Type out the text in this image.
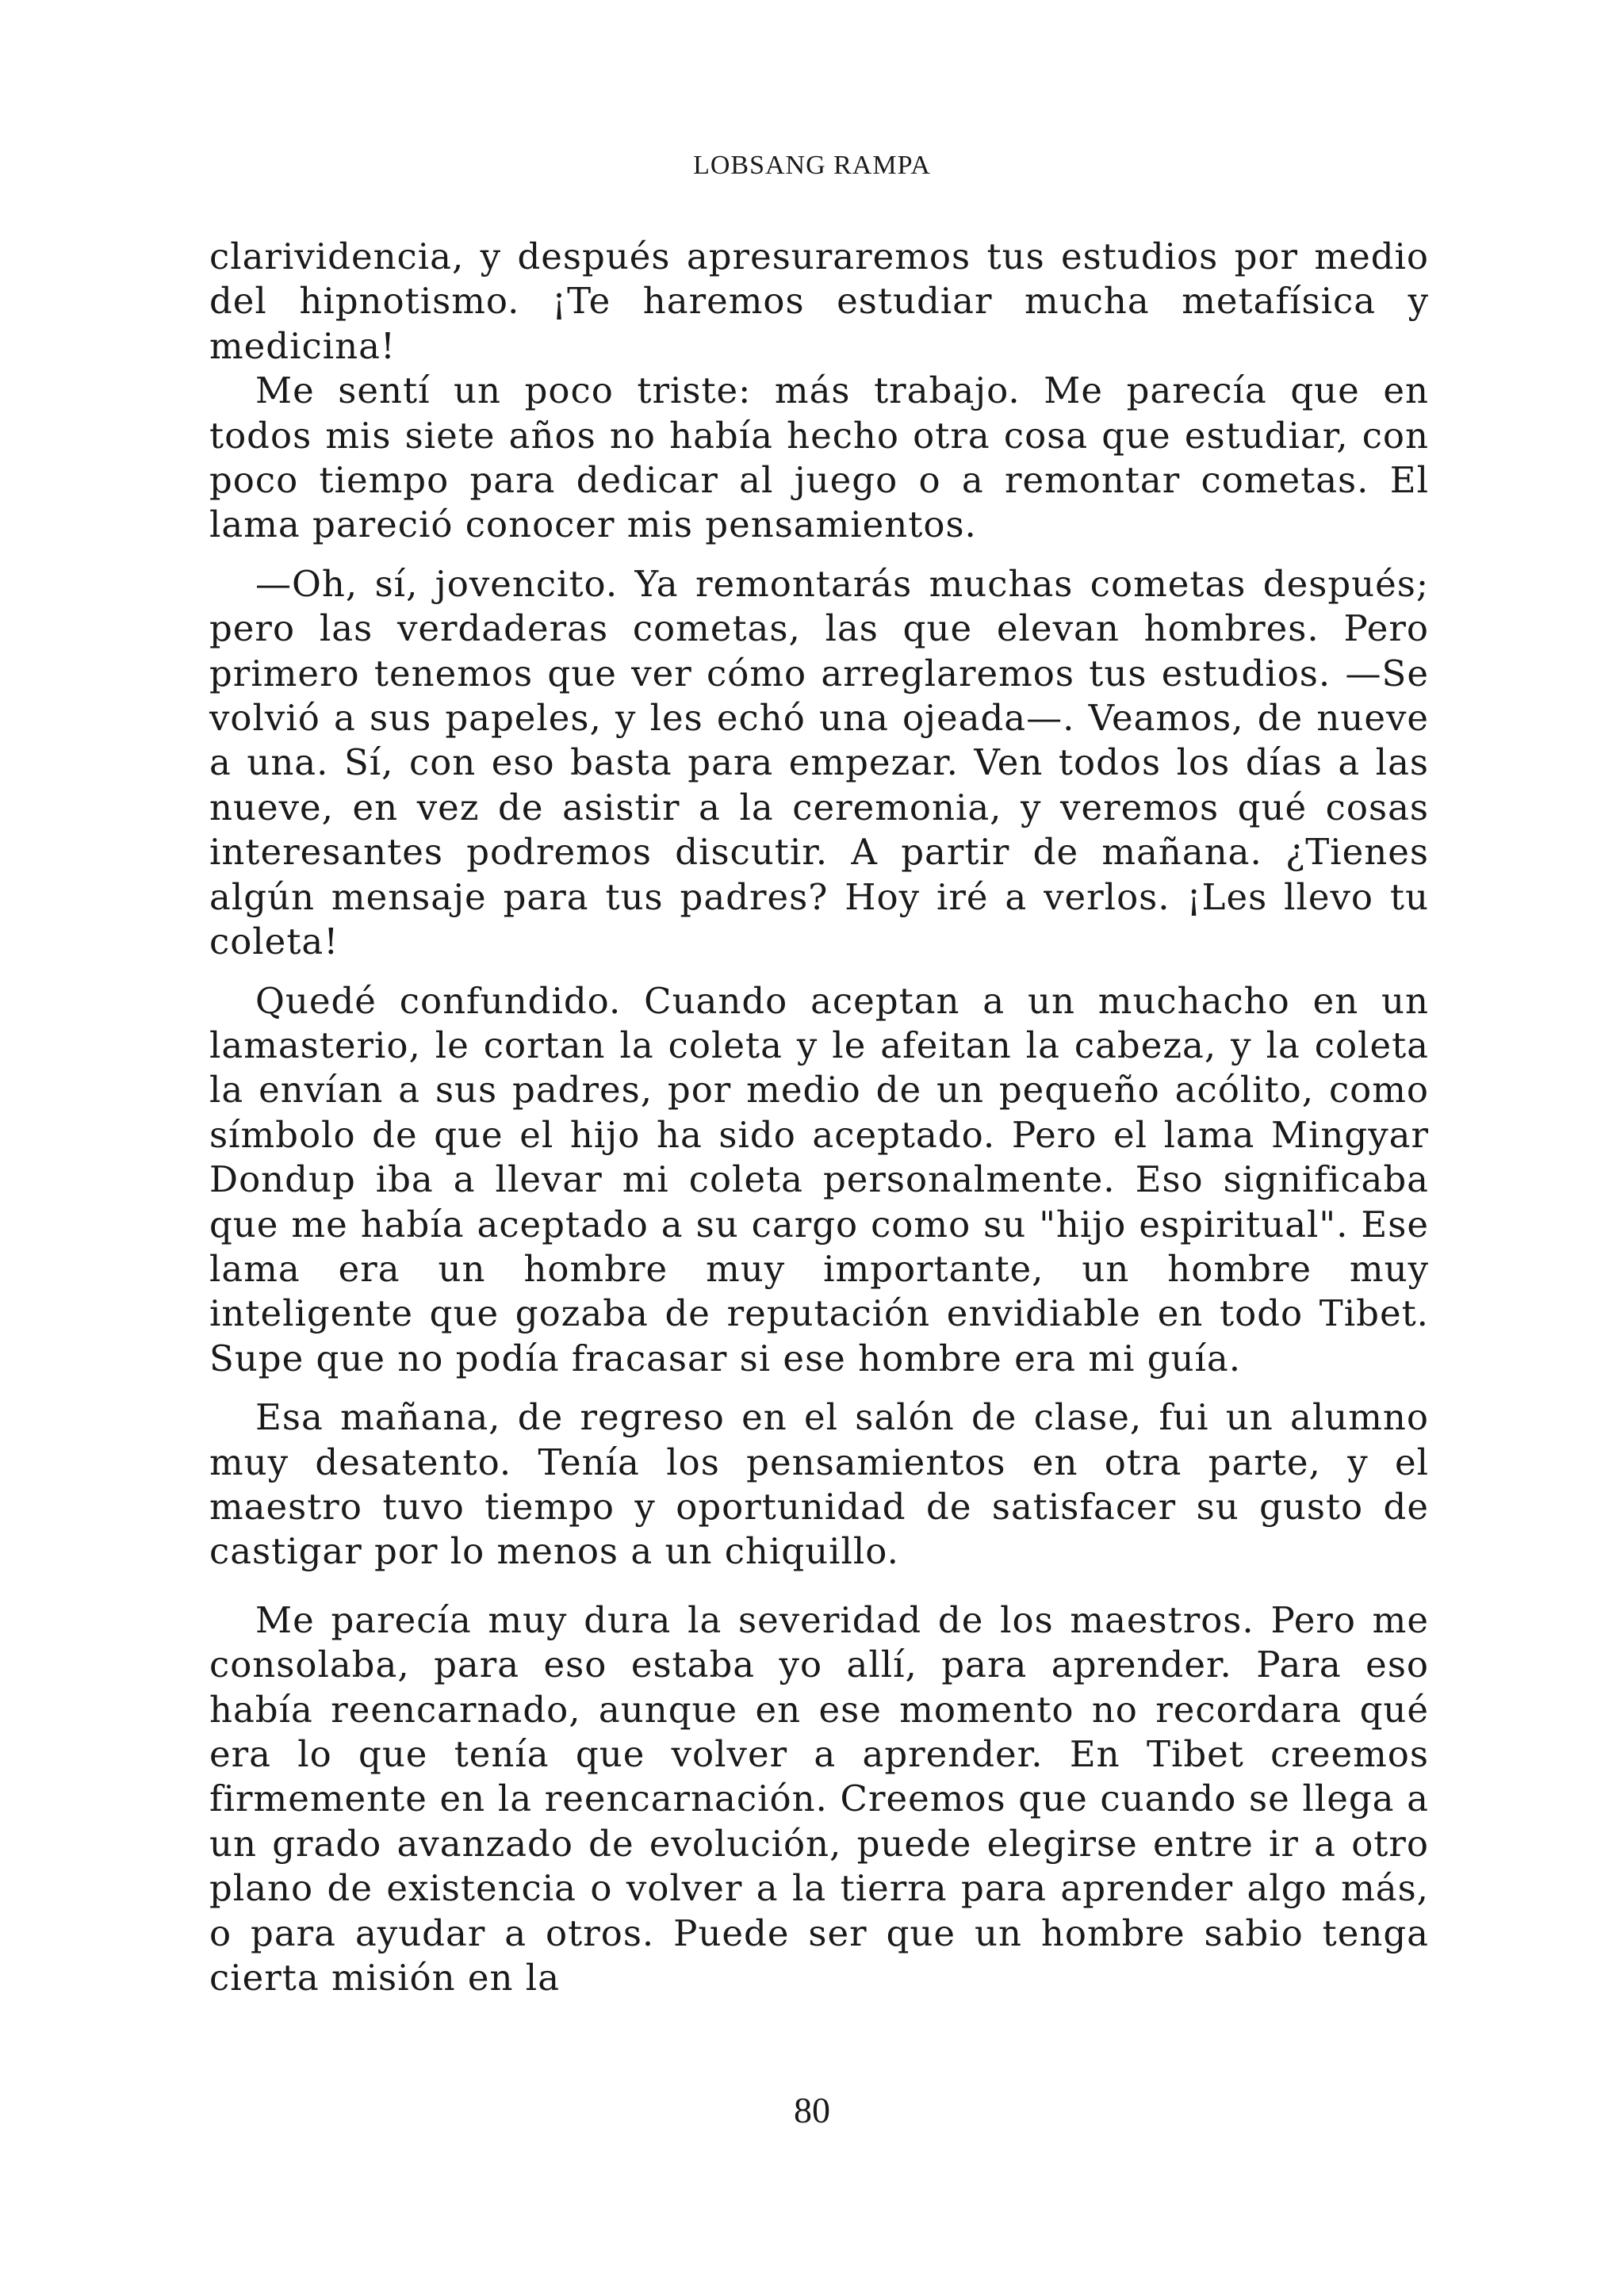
LOBSANG RAMPA

clarividencia, y después apresuraremos tus estudios por medio del hipnotismo. ¡Te haremos estudiar mucha metafísica y medicina!

Me sentí un poco triste: más trabajo. Me parecía que en todos mis siete años no había hecho otra cosa que estudiar, con poco tiempo para dedicar al juego o a remontar cometas. El lama pareció conocer mis pensamientos.

—Oh, sí, jovencito. Ya remontarás muchas cometas después; pero las verdaderas cometas, las que elevan hombres. Pero primero tenemos que ver cómo arreglaremos tus estudios. —Se volvió a sus papeles, y les echó una ojeada—. Veamos, de nueve a una. Sí, con eso basta para empezar. Ven todos los días a las nueve, en vez de asistir a la ceremonia, y veremos qué cosas interesantes podremos discutir. A partir de mañana. ¿Tienes algún mensaje para tus padres? Hoy iré a verlos. ¡Les llevo tu coleta!

Quedé confundido. Cuando aceptan a un muchacho en un lamasterio, le cortan la coleta y le afeitan la cabeza, y la coleta la envían a sus padres, por medio de un pequeño acólito, como símbolo de que el hijo ha sido aceptado. Pero el lama Mingyar Dondup iba a llevar mi coleta personalmente. Eso significaba que me había aceptado a su cargo como su "hijo espiritual". Ese lama era un hombre muy importante, un hombre muy inteligente que gozaba de reputación envidiable en todo Tibet. Supe que no podía fracasar si ese hombre era mi guía.

Esa mañana, de regreso en el salón de clase, fui un alumno muy desatento. Tenía los pensamientos en otra parte, y el maestro tuvo tiempo y oportunidad de satisfacer su gusto de castigar por lo menos a un chiquillo.

Me parecía muy dura la severidad de los maestros. Pero me consolaba, para eso estaba yo allí, para aprender. Para eso había reencarnado, aunque en ese momento no recordara qué era lo que tenía que volver a aprender. En Tibet creemos firmemente en la reencarnación. Creemos que cuando se llega a un grado avanzado de evolución, puede elegirse entre ir a otro plano de existencia o volver a la tierra para aprender algo más, o para ayudar a otros. Puede ser que un hombre sabio tenga cierta misión en la

80
